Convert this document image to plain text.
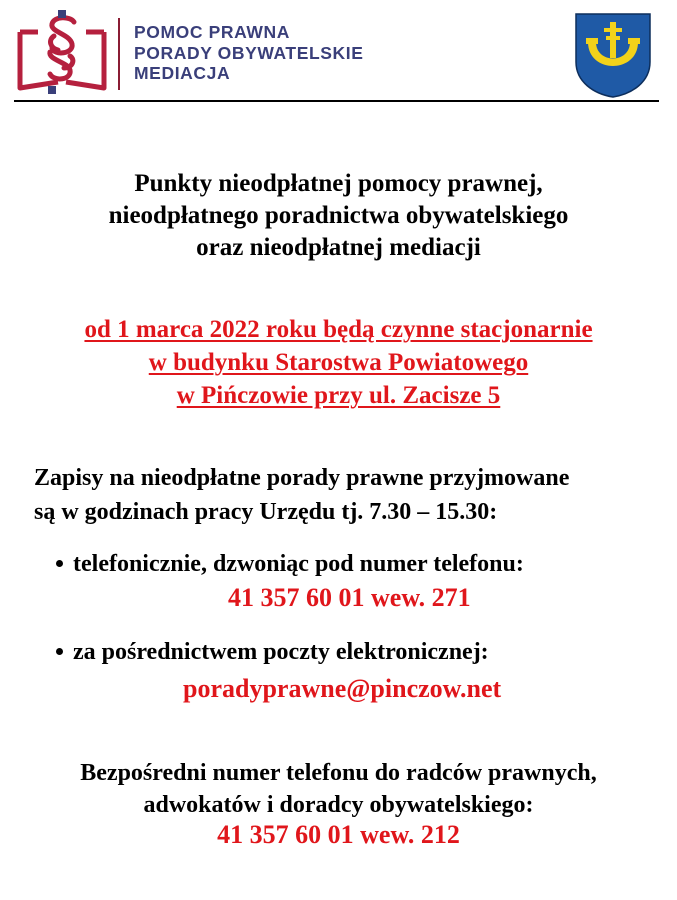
POMOC PRAWNA
PORADY OBYWATELSKIE
MEDIACJA
w
Punkty nieodpłatnej pomocy prawnej,
nieodpłatnego poradnictwa obywatelskiego
oraz nieodpłatnej mediacji
od 1 marca 2022 roku będą czynne stacjonarnie
w budynku Starostwa Powiatowego
w Pińczowie przy ul. Zacisze 5
Zapisy na nieodpłatne porady prawne przyjmowane
są w godzinach pracy Urzędu tj. 7.30 – 15.30:
telefonicznie, dzwoniąc pod numer telefonu:
41 357 60 01 wew. 271
za pośrednictwem poczty elektronicznej:
poradyprawne@pinczow.net
Bezpośredni numer telefonu do radców prawnych,
adwokatów i doradcy obywatelskiego:
41 357 60 01 wew. 212
